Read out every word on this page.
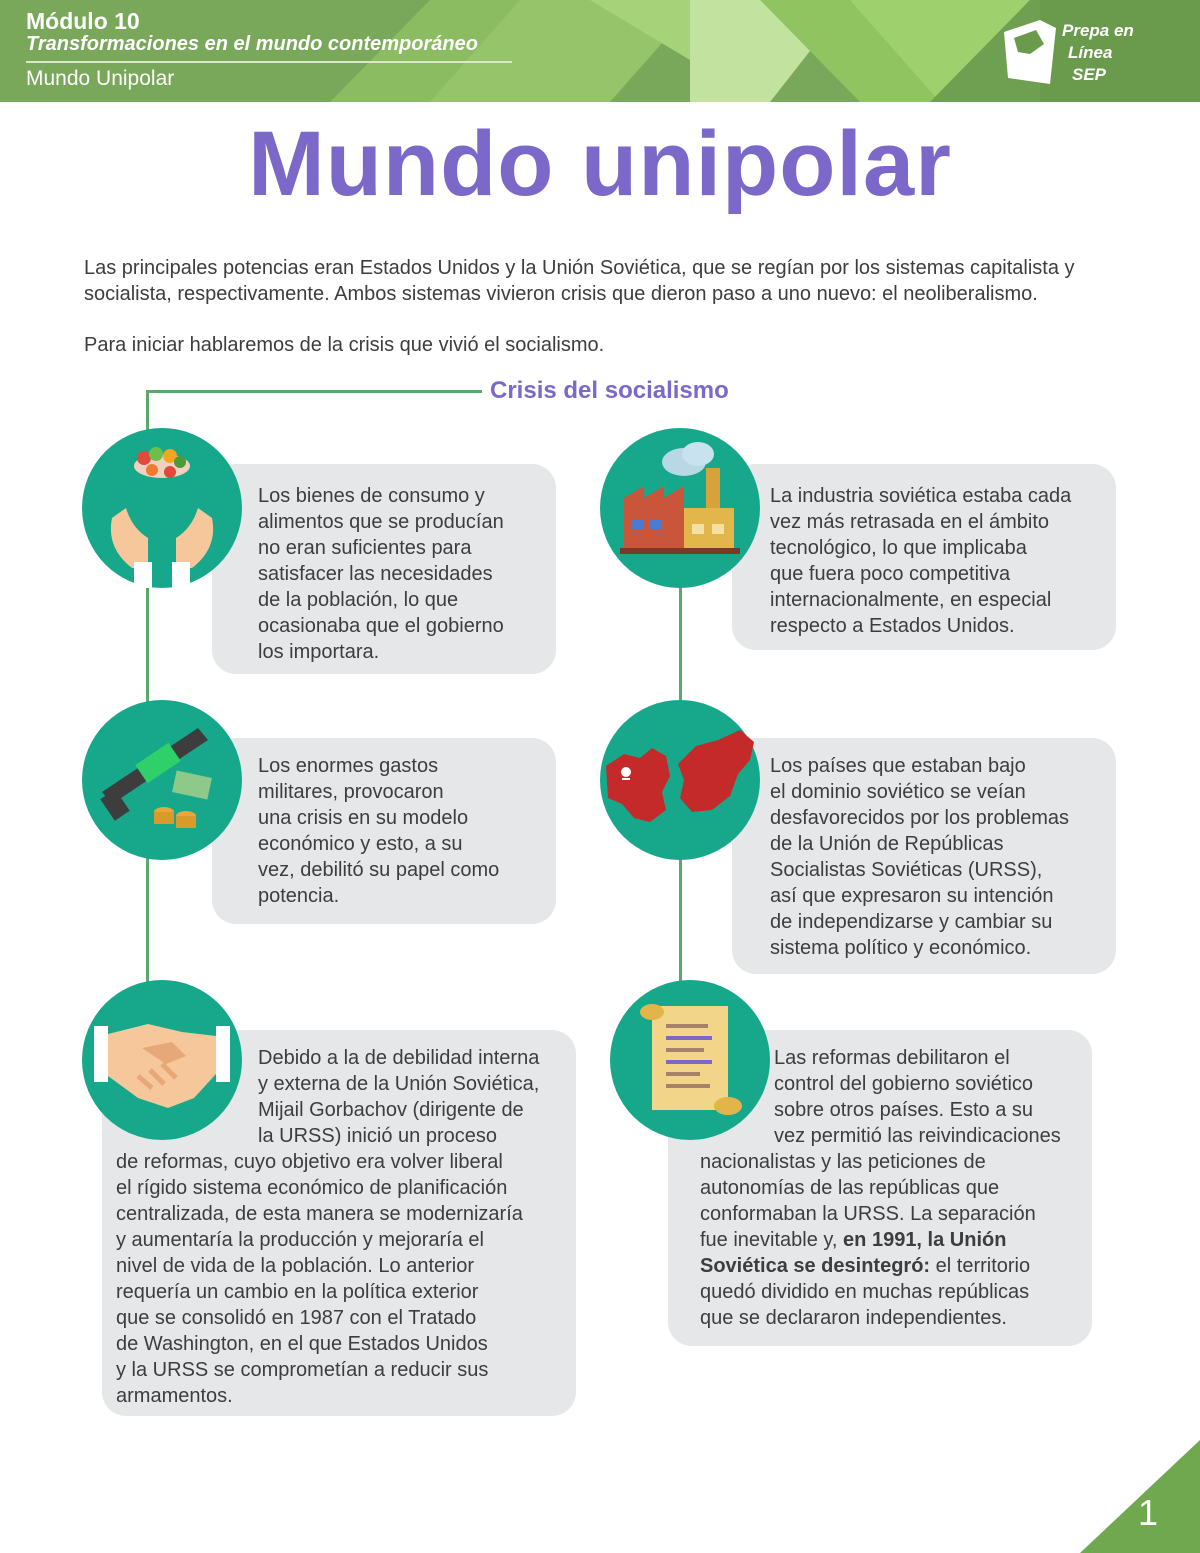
Módulo 10
Transformaciones en el mundo contemporáneo
Mundo Unipolar
Prepa en
Línea
SEP
Mundo unipolar
Las principales potencias eran Estados Unidos y la Unión Soviética, que se regían por los sistemas capitalista y socialista, respectivamente. Ambos sistemas vivieron crisis que dieron paso a uno nuevo: el neoliberalismo.
Para iniciar hablaremos de la crisis que vivió el socialismo.
Crisis del socialismo
Los bienes de consumo y
alimentos que se producían
no eran suficientes para
satisfacer las necesidades
de la población, lo que
ocasionaba que el gobierno
los importara.
La industria soviética estaba cada
vez más retrasada en el ámbito
tecnológico, lo que implicaba
que fuera poco competitiva
internacionalmente, en especial
respecto a Estados Unidos.
Los enormes gastos
militares, provocaron
una crisis en su modelo
económico y esto, a su
vez, debilitó su papel como
potencia.
Los países que estaban bajo
el dominio soviético se veían
desfavorecidos por los problemas
de la Unión de Repúblicas
Socialistas Soviéticas (URSS),
así que expresaron su intención
de independizarse y cambiar su
sistema político y económico.
Debido a la de debilidad interna
y externa de la Unión Soviética,
Mijail Gorbachov (dirigente de
la URSS) inició un proceso
de reformas, cuyo objetivo era volver liberal
el rígido sistema económico de planificación
centralizada, de esta manera se modernizaría
y aumentaría la producción y mejoraría el
nivel de vida de la población. Lo anterior
requería un cambio en la política exterior
que se consolidó en 1987 con el Tratado
de Washington, en el que Estados Unidos
y la URSS se comprometían a reducir sus
armamentos.
Las reformas debilitaron el
control del gobierno soviético
sobre otros países. Esto a su
vez permitió las reivindicaciones
nacionalistas y las peticiones de
autonomías de las repúblicas que
conformaban la URSS. La separación
fue inevitable y, en 1991, la Unión
Soviética se desintegró: el territorio
quedó dividido en muchas repúblicas
que se declararon independientes.
1
